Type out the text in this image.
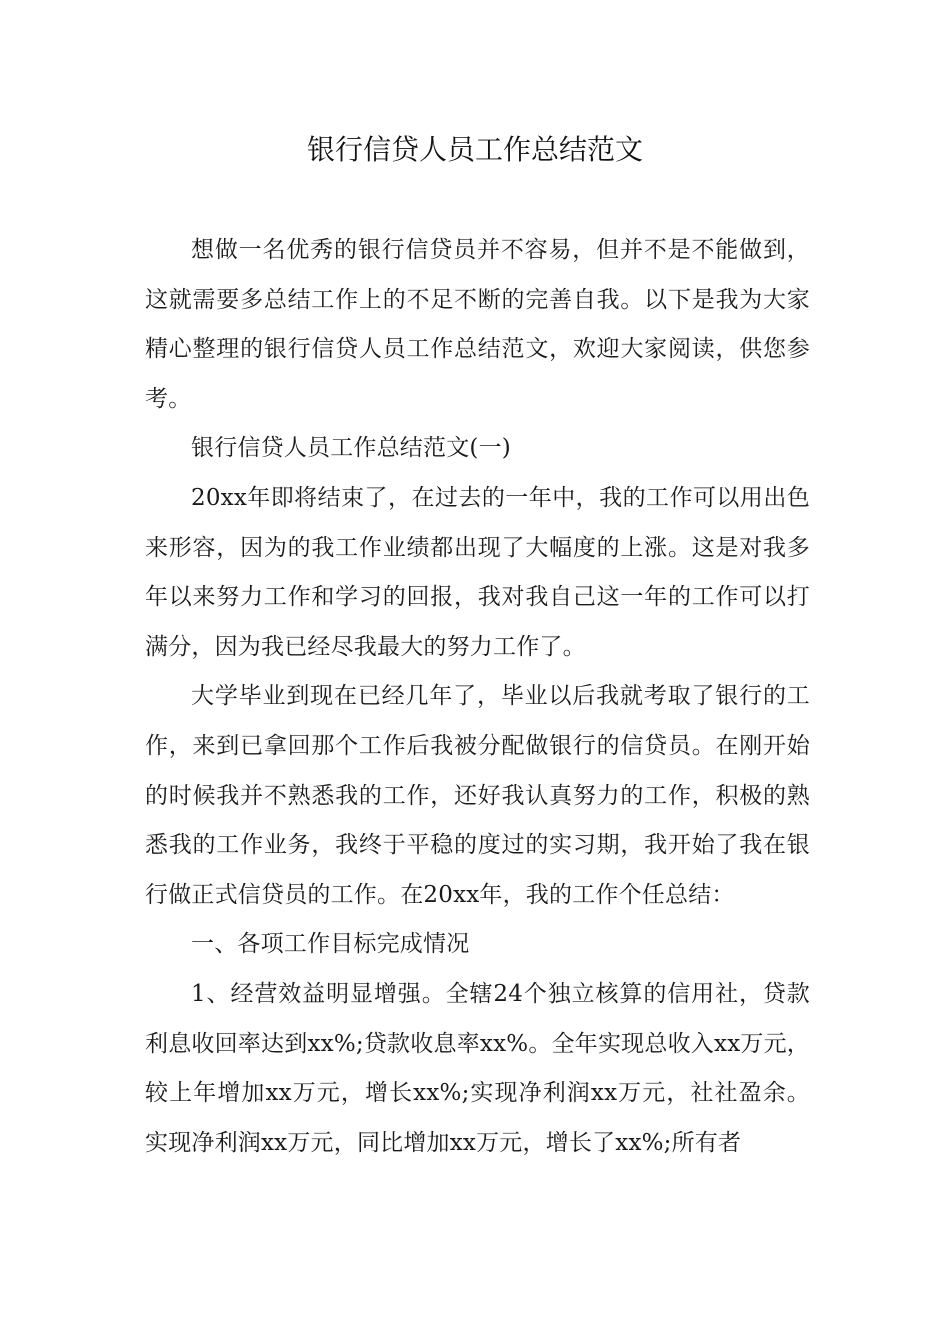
银行信贷人员工作总结范文

想做一名优秀的银行信贷员并不容易，但并不是不能做到，这就需要多总结工作上的不足不断的完善自我。以下是我为大家精心整理的银行信贷人员工作总结范文，欢迎大家阅读，供您参考。

银行信贷人员工作总结范文(一)

20xx年即将结束了，在过去的一年中，我的工作可以用出色来形容，因为的我工作业绩都出现了大幅度的上涨。这是对我多年以来努力工作和学习的回报，我对我自己这一年的工作可以打满分，因为我已经尽我最大的努力工作了。

大学毕业到现在已经几年了，毕业以后我就考取了银行的工作，来到已拿回那个工作后我被分配做银行的信贷员。在刚开始的时候我并不熟悉我的工作，还好我认真努力的工作，积极的熟悉我的工作业务，我终于平稳的度过的实习期，我开始了我在银行做正式信贷员的工作。在20xx年，我的工作个任总结：

一、各项工作目标完成情况

1、经营效益明显增强。全辖24个独立核算的信用社，贷款利息收回率达到xx%;贷款收息率xx%。全年实现总收入xx万元，较上年增加xx万元，增长xx%;实现净利润xx万元，社社盈余。实现净利润xx万元，同比增加xx万元，增长了xx%;所有者
